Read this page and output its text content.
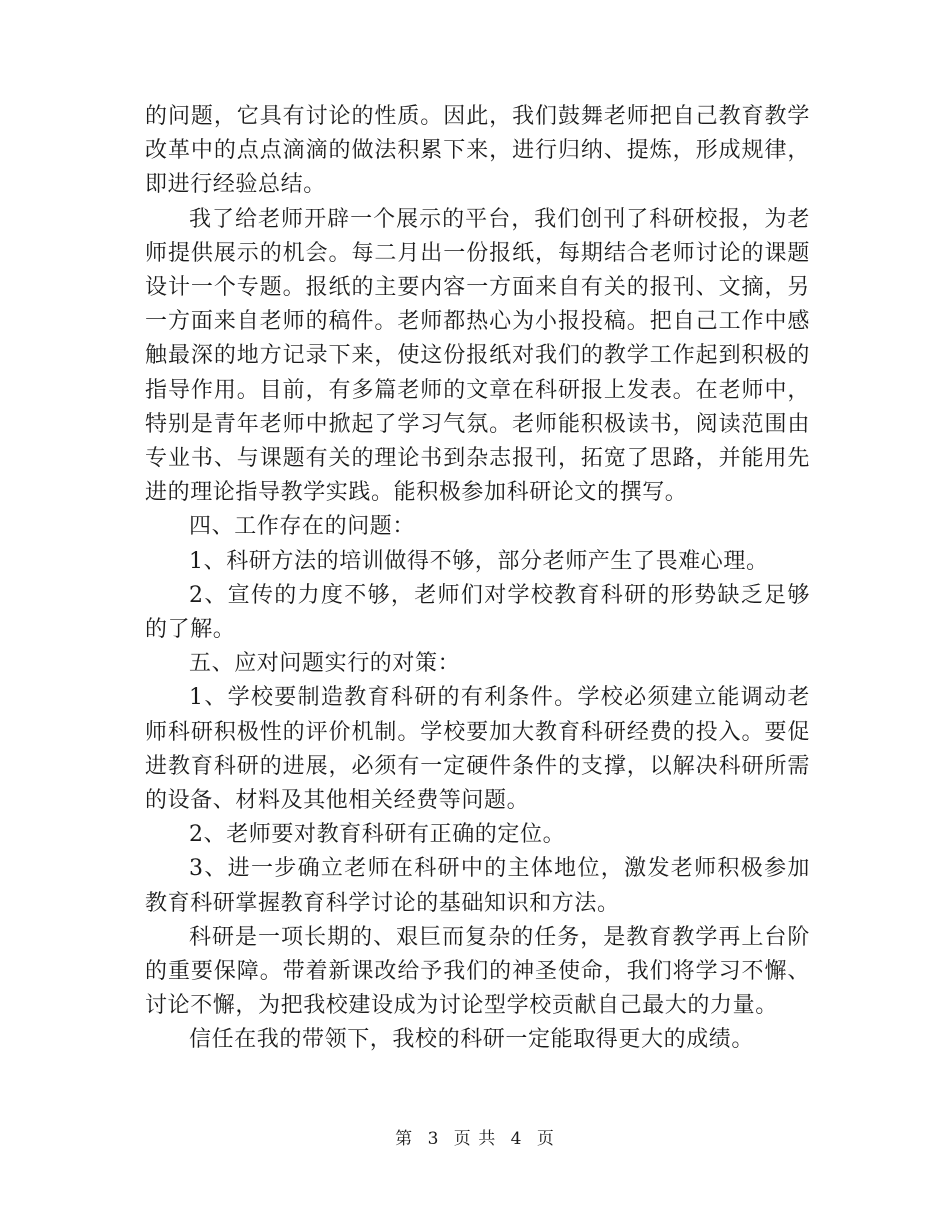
的问题，它具有讨论的性质。因此，我们鼓舞老师把自己教育教学改革中的点点滴滴的做法积累下来，进行归纳、提炼，形成规律，即进行经验总结。

我了给老师开辟一个展示的平台，我们创刊了科研校报，为老师提供展示的机会。每二月出一份报纸，每期结合老师讨论的课题设计一个专题。报纸的主要内容一方面来自有关的报刊、文摘，另一方面来自老师的稿件。老师都热心为小报投稿。把自己工作中感触最深的地方记录下来，使这份报纸对我们的教学工作起到积极的指导作用。目前，有多篇老师的文章在科研报上发表。在老师中，特别是青年老师中掀起了学习气氛。老师能积极读书，阅读范围由专业书、与课题有关的理论书到杂志报刊，拓宽了思路，并能用先进的理论指导教学实践。能积极参加科研论文的撰写。

四、工作存在的问题：

1、科研方法的培训做得不够，部分老师产生了畏难心理。

2、宣传的力度不够，老师们对学校教育科研的形势缺乏足够的了解。

五、应对问题实行的对策：

1、学校要制造教育科研的有利条件。学校必须建立能调动老师科研积极性的评价机制。学校要加大教育科研经费的投入。要促进教育科研的进展，必须有一定硬件条件的支撑，以解决科研所需的设备、材料及其他相关经费等问题。

2、老师要对教育科研有正确的定位。

3、进一步确立老师在科研中的主体地位，激发老师积极参加教育科研掌握教育科学讨论的基础知识和方法。

科研是一项长期的、艰巨而复杂的任务，是教育教学再上台阶的重要保障。带着新课改给予我们的神圣使命，我们将学习不懈、讨论不懈，为把我校建设成为讨论型学校贡献自己最大的力量。

信任在我的带领下，我校的科研一定能取得更大的成绩。

第 3 页 共 4 页
